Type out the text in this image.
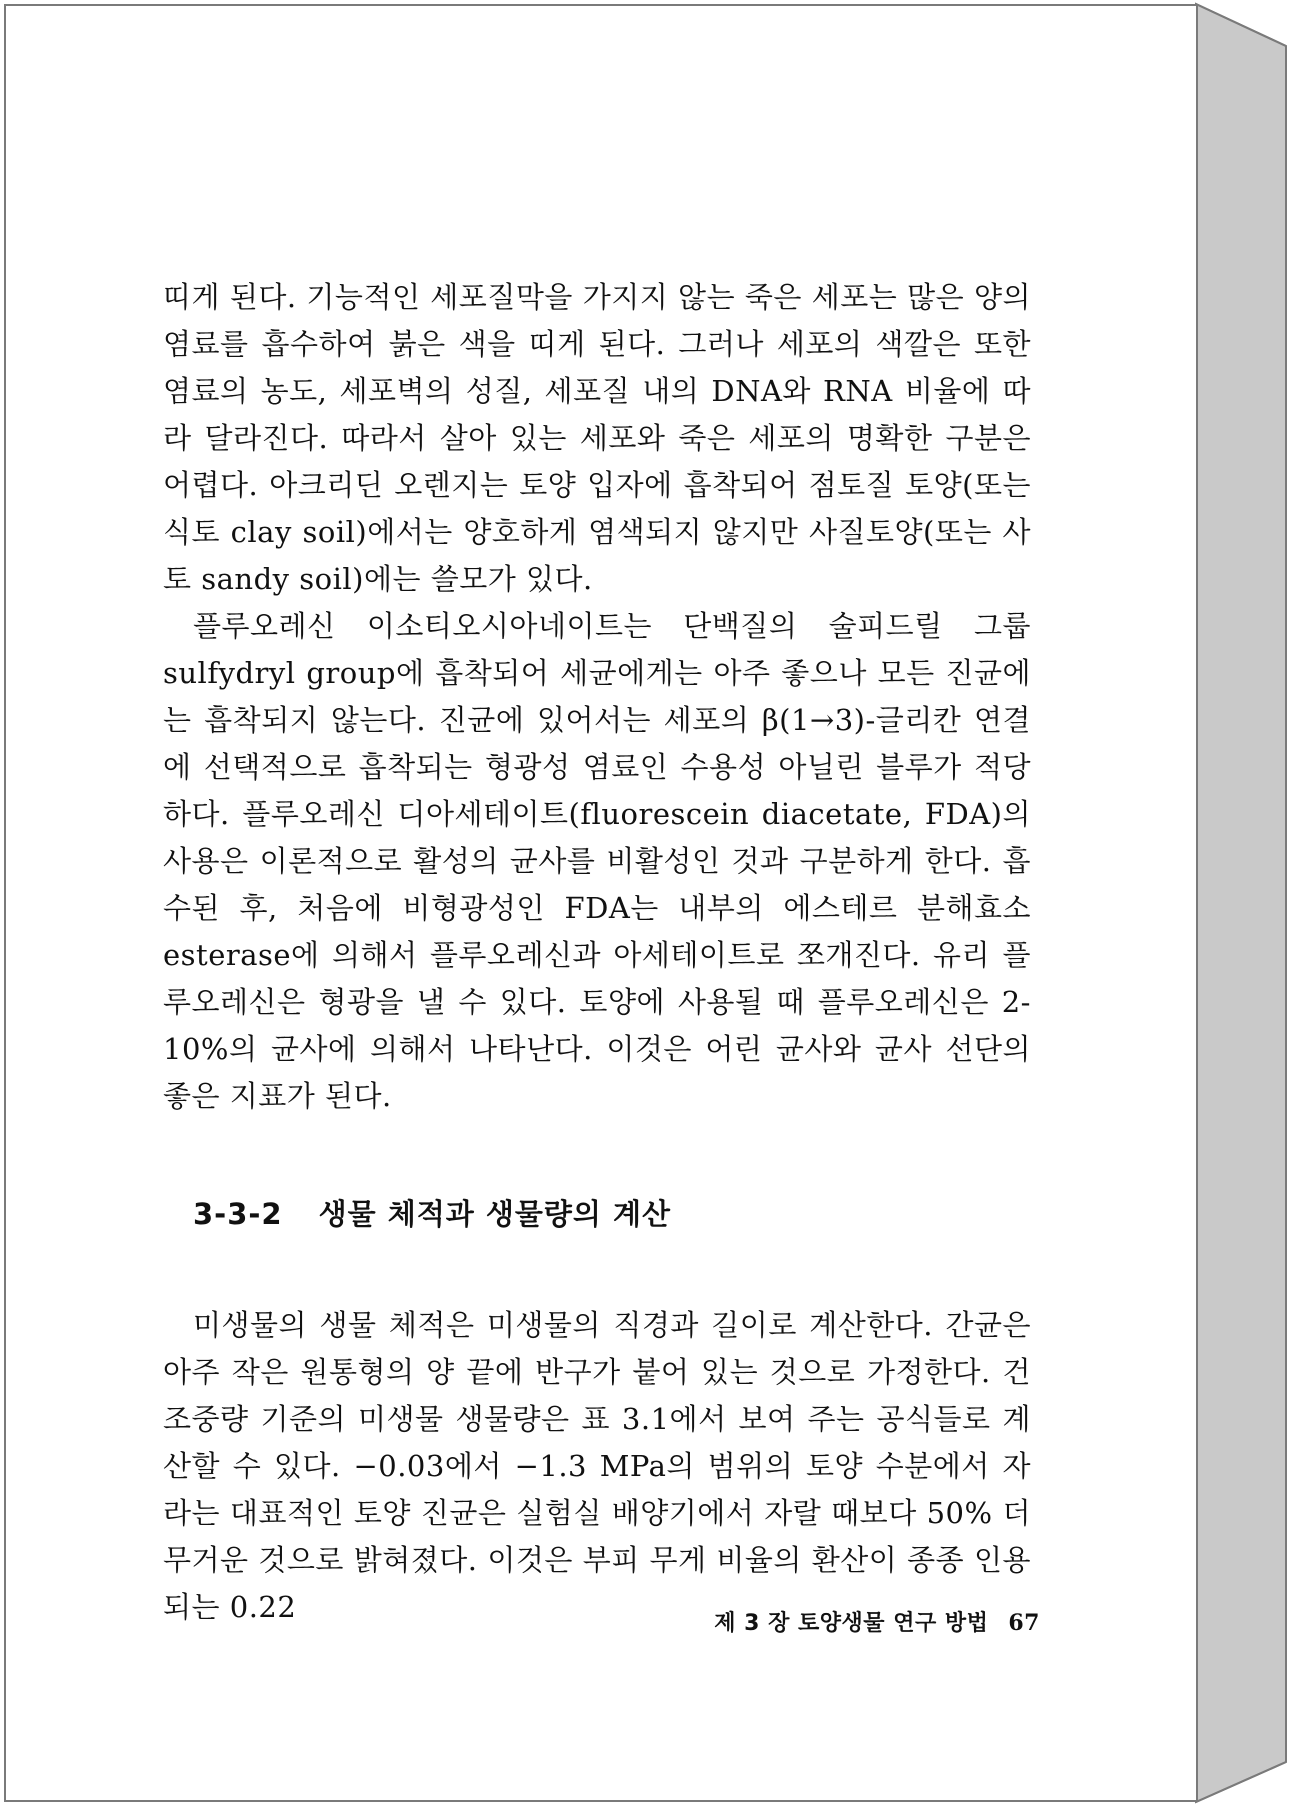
띠게 된다. 기능적인 세포질막을 가지지 않는 죽은 세포는 많은 양의 염료를 흡수하여 붉은 색을 띠게 된다. 그러나 세포의 색깔은 또한 염료의 농도, 세포벽의 성질, 세포질 내의 DNA와 RNA 비율에 따라 달라진다. 따라서 살아 있는 세포와 죽은 세포의 명확한 구분은 어렵다. 아크리딘 오렌지는 토양 입자에 흡착되어 점토질 토양(또는 식토 clay soil)에서는 양호하게 염색되지 않지만 사질토양(또는 사토 sandy soil)에는 쓸모가 있다.

플루오레신 이소티오시아네이트는 단백질의 술피드릴 그룹 sulfydryl group에 흡착되어 세균에게는 아주 좋으나 모든 진균에는 흡착되지 않는다. 진균에 있어서는 세포의 β(1→3)-글리칸 연결에 선택적으로 흡착되는 형광성 염료인 수용성 아닐린 블루가 적당하다. 플루오레신 디아세테이트(fluorescein diacetate, FDA)의 사용은 이론적으로 활성의 균사를 비활성인 것과 구분하게 한다. 흡수된 후, 처음에 비형광성인 FDA는 내부의 에스테르 분해효소 esterase에 의해서 플루오레신과 아세테이트로 쪼개진다. 유리 플루오레신은 형광을 낼 수 있다. 토양에 사용될 때 플루오레신은 2-10%의 균사에 의해서 나타난다. 이것은 어린 균사와 균사 선단의 좋은 지표가 된다.

3-3-2 생물 체적과 생물량의 계산

미생물의 생물 체적은 미생물의 직경과 길이로 계산한다. 간균은 아주 작은 원통형의 양 끝에 반구가 붙어 있는 것으로 가정한다. 건조중량 기준의 미생물 생물량은 표 3.1에서 보여 주는 공식들로 계산할 수 있다. −0.03에서 −1.3 MPa의 범위의 토양 수분에서 자라는 대표적인 토양 진균은 실험실 배양기에서 자랄 때보다 50% 더 무거운 것으로 밝혀졌다. 이것은 부피 무게 비율의 환산이 종종 인용되는 0.22	제 3 장 토양생물 연구 방법 67
